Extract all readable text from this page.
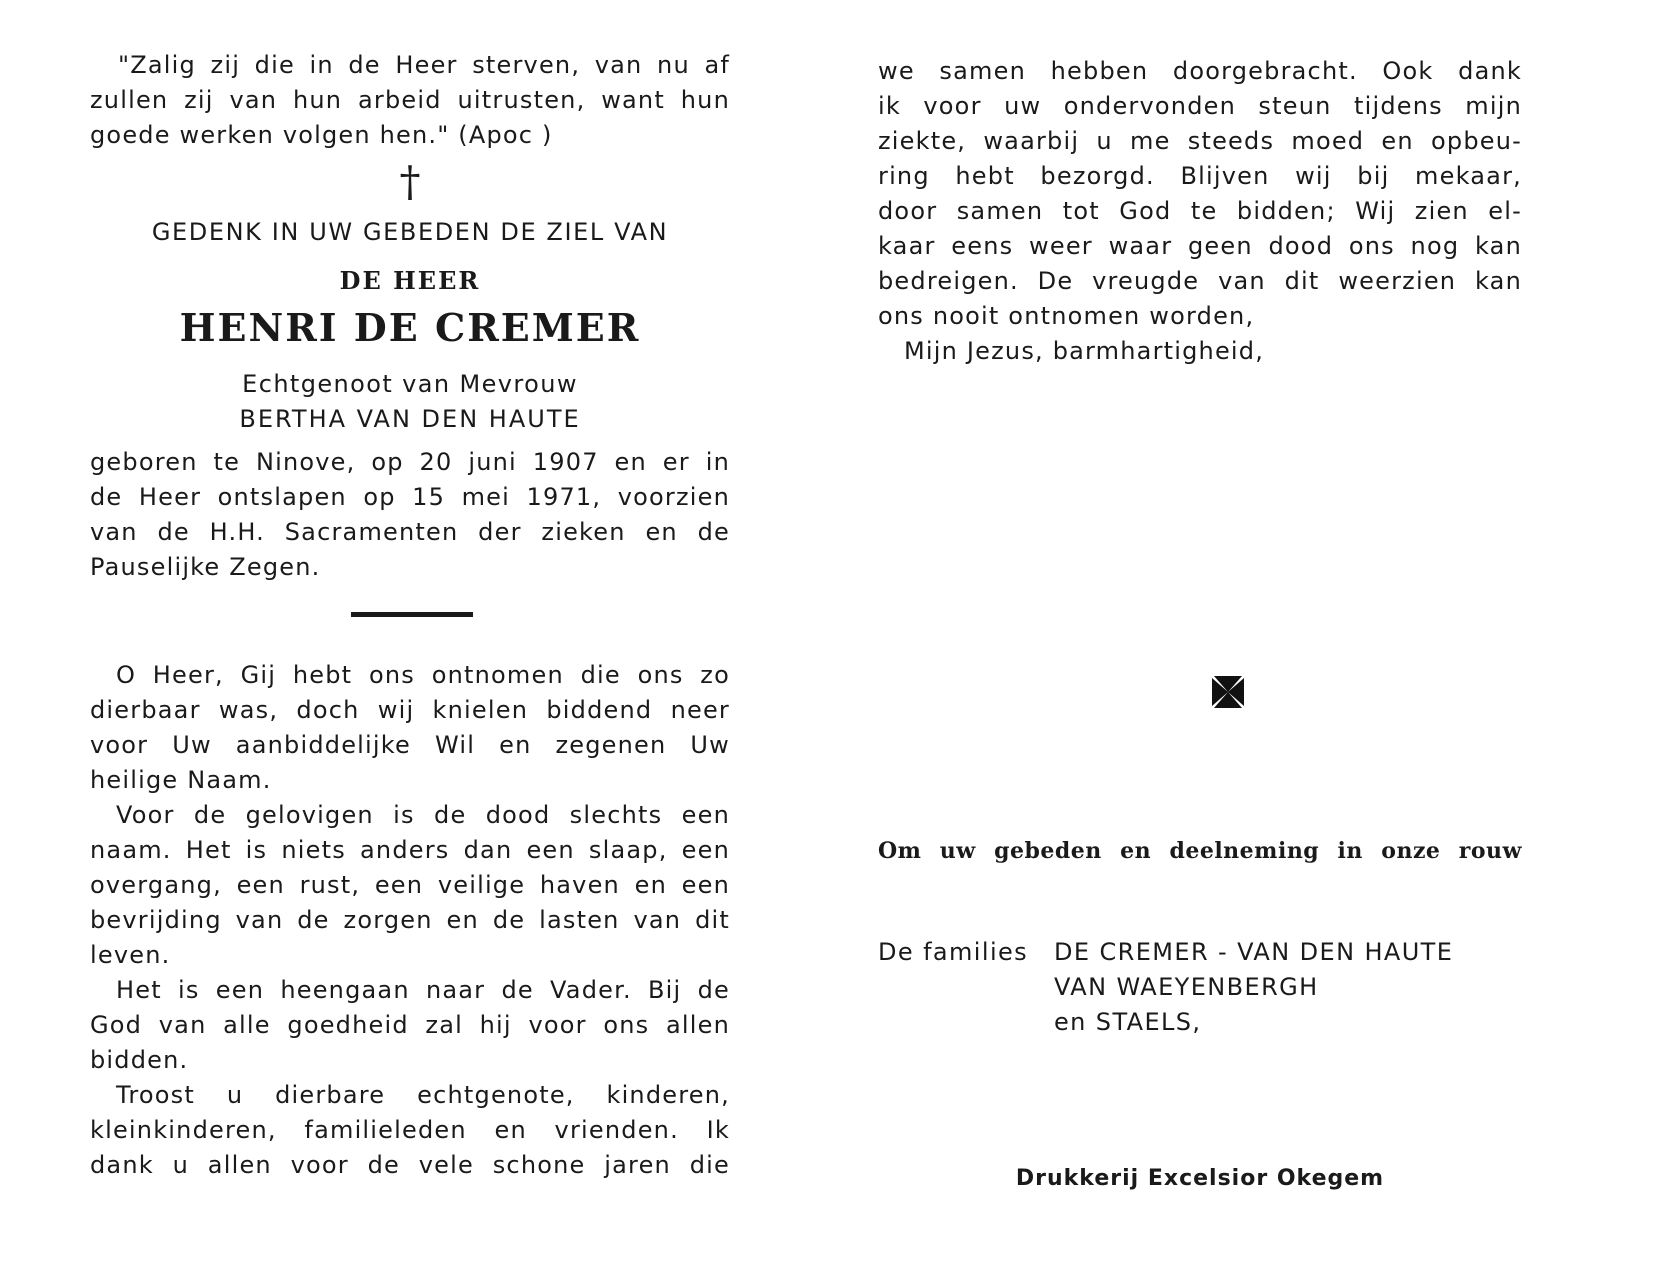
"Zalig zij die in de Heer sterven, van nu af
zullen zij van hun arbeid uitrusten, want hun
goede werken volgen hen." (Apoc )
†
GEDENK IN UW GEBEDEN DE ZIEL VAN
DE HEER
HENRI DE CREMER
Echtgenoot van Mevrouw
BERTHA VAN DEN HAUTE
geboren te Ninove, op 20 juni 1907 en er in
de Heer ontslapen op 15 mei 1971, voorzien
van de H.H. Sacramenten der zieken en de
Pauselijke Zegen.
O Heer, Gij hebt ons ontnomen die ons zo
dierbaar was, doch wij knielen biddend neer
voor Uw aanbiddelijke Wil en zegenen Uw
heilige Naam.
Voor de gelovigen is de dood slechts een
naam. Het is niets anders dan een slaap, een
overgang, een rust, een veilige haven en een
bevrijding van de zorgen en de lasten van dit
leven.
Het is een heengaan naar de Vader. Bij de
God van alle goedheid zal hij voor ons allen
bidden.
Troost u dierbare echtgenote, kinderen,
kleinkinderen, familieleden en vrienden. Ik
dank u allen voor de vele schone jaren die
we samen hebben doorgebracht. Ook dank
ik voor uw ondervonden steun tijdens mijn
ziekte, waarbij u me steeds moed en opbeu-
ring hebt bezorgd. Blijven wij bij mekaar,
door samen tot God te bidden; Wij zien el-
kaar eens weer waar geen dood ons nog kan
bedreigen. De vreugde van dit weerzien kan
ons nooit ontnomen worden,
Mijn Jezus, barmhartigheid,
Om uw gebeden en deelneming in onze rouw
De families DE CREMER - VAN DEN HAUTE
VAN WAEYENBERGH
en STAELS,
Drukkerij Excelsior Okegem
